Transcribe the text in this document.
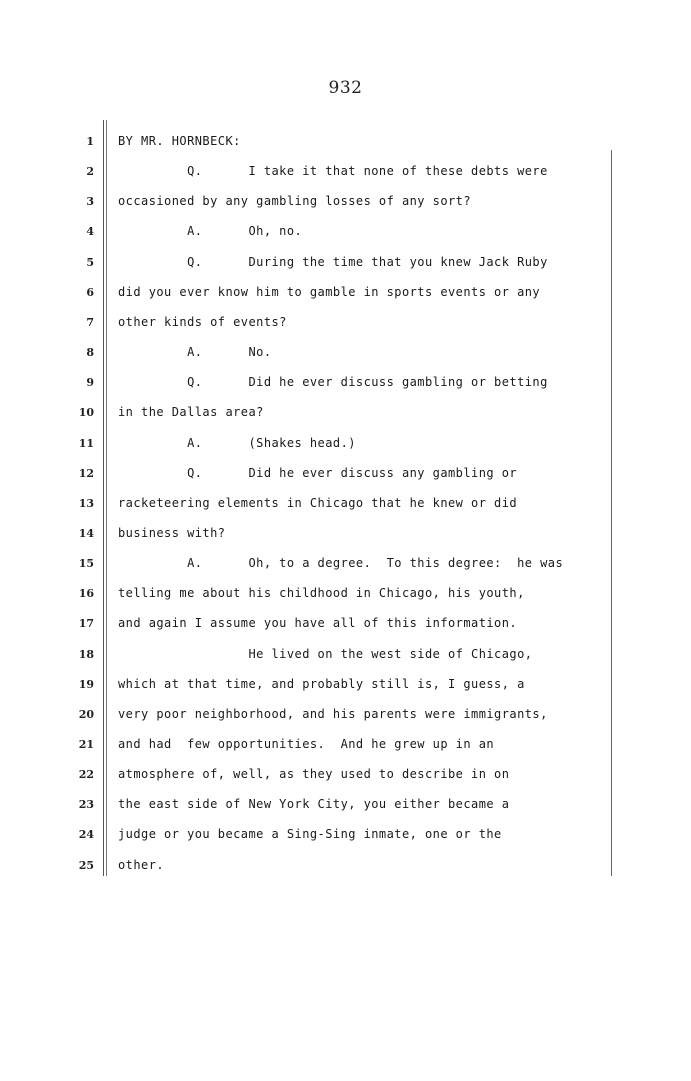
932
1 BY MR. HORNBECK:
2 Q.      I take it that none of these debts were
3 occasioned by any gambling losses of any sort?
4 A.      Oh, no.
5 Q.      During the time that you knew Jack Ruby
6 did you ever know him to gamble in sports events or any
7 other kinds of events?
8 A.      No.
9 Q.      Did he ever discuss gambling or betting
10 in the Dallas area?
11 A.      (Shakes head.)
12 Q.      Did he ever discuss any gambling or
13 racketeering elements in Chicago that he knew or did
14 business with?
15 A.      Oh, to a degree.  To this degree:  he was
16 telling me about his childhood in Chicago, his youth,
17 and again I assume you have all of this information.
18 He lived on the west side of Chicago,
19 which at that time, and probably still is, I guess, a
20 very poor neighborhood, and his parents were immigrants,
21 and had  few opportunities.  And he grew up in an
22 atmosphere of, well, as they used to describe in on
23 the east side of New York City, you either became a
24 judge or you became a Sing-Sing inmate, one or the
25 other.
